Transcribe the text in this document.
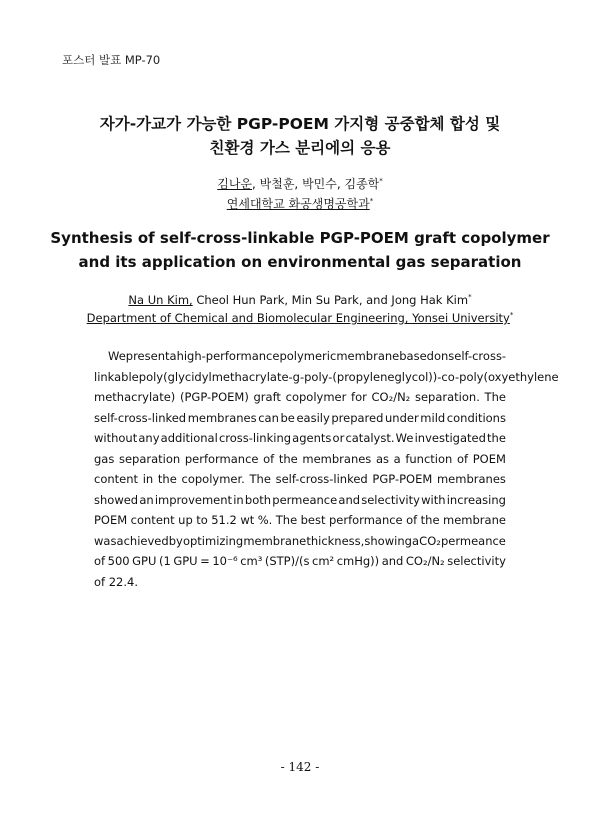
포스터 발표 MP-70
자가-가교가 가능한 PGP-POEM 가지형 공중합체 합성 및
친환경 가스 분리에의 응용
김나운, 박철훈, 박민수, 김종학*
연세대학교 화공생명공학과*
Synthesis of self-cross-linkable PGP-POEM graft copolymer
and its application on environmental gas separation
Na Un Kim, Cheol Hun Park, Min Su Park, and Jong Hak Kim*
Department of Chemical and Biomolecular Engineering, Yonsei University*
We present a high-performance polymeric membrane based on self-cross-
linkable poly(glycidyl methacrylate-g-poly-(propylene glycol))-co-poly(oxyethylene
methacrylate) (PGP-POEM) graft copolymer for CO₂/N₂ separation. The
self-cross-linked membranes can be easily prepared under mild conditions
without any additional cross-linking agents or catalyst. We investigated the
gas separation performance of the membranes as a function of POEM
content in the copolymer. The self-cross-linked PGP-POEM membranes
showed an improvement in both permeance and selectivity with increasing
POEM content up to 51.2 wt %. The best performance of the membrane
was achieved by optimizing membrane thickness, showing a CO₂ permeance
of 500 GPU (1 GPU = 10⁻⁶ cm³ (STP)/(s cm² cmHg)) and CO₂/N₂ selectivity
of 22.4.
- 142 -
